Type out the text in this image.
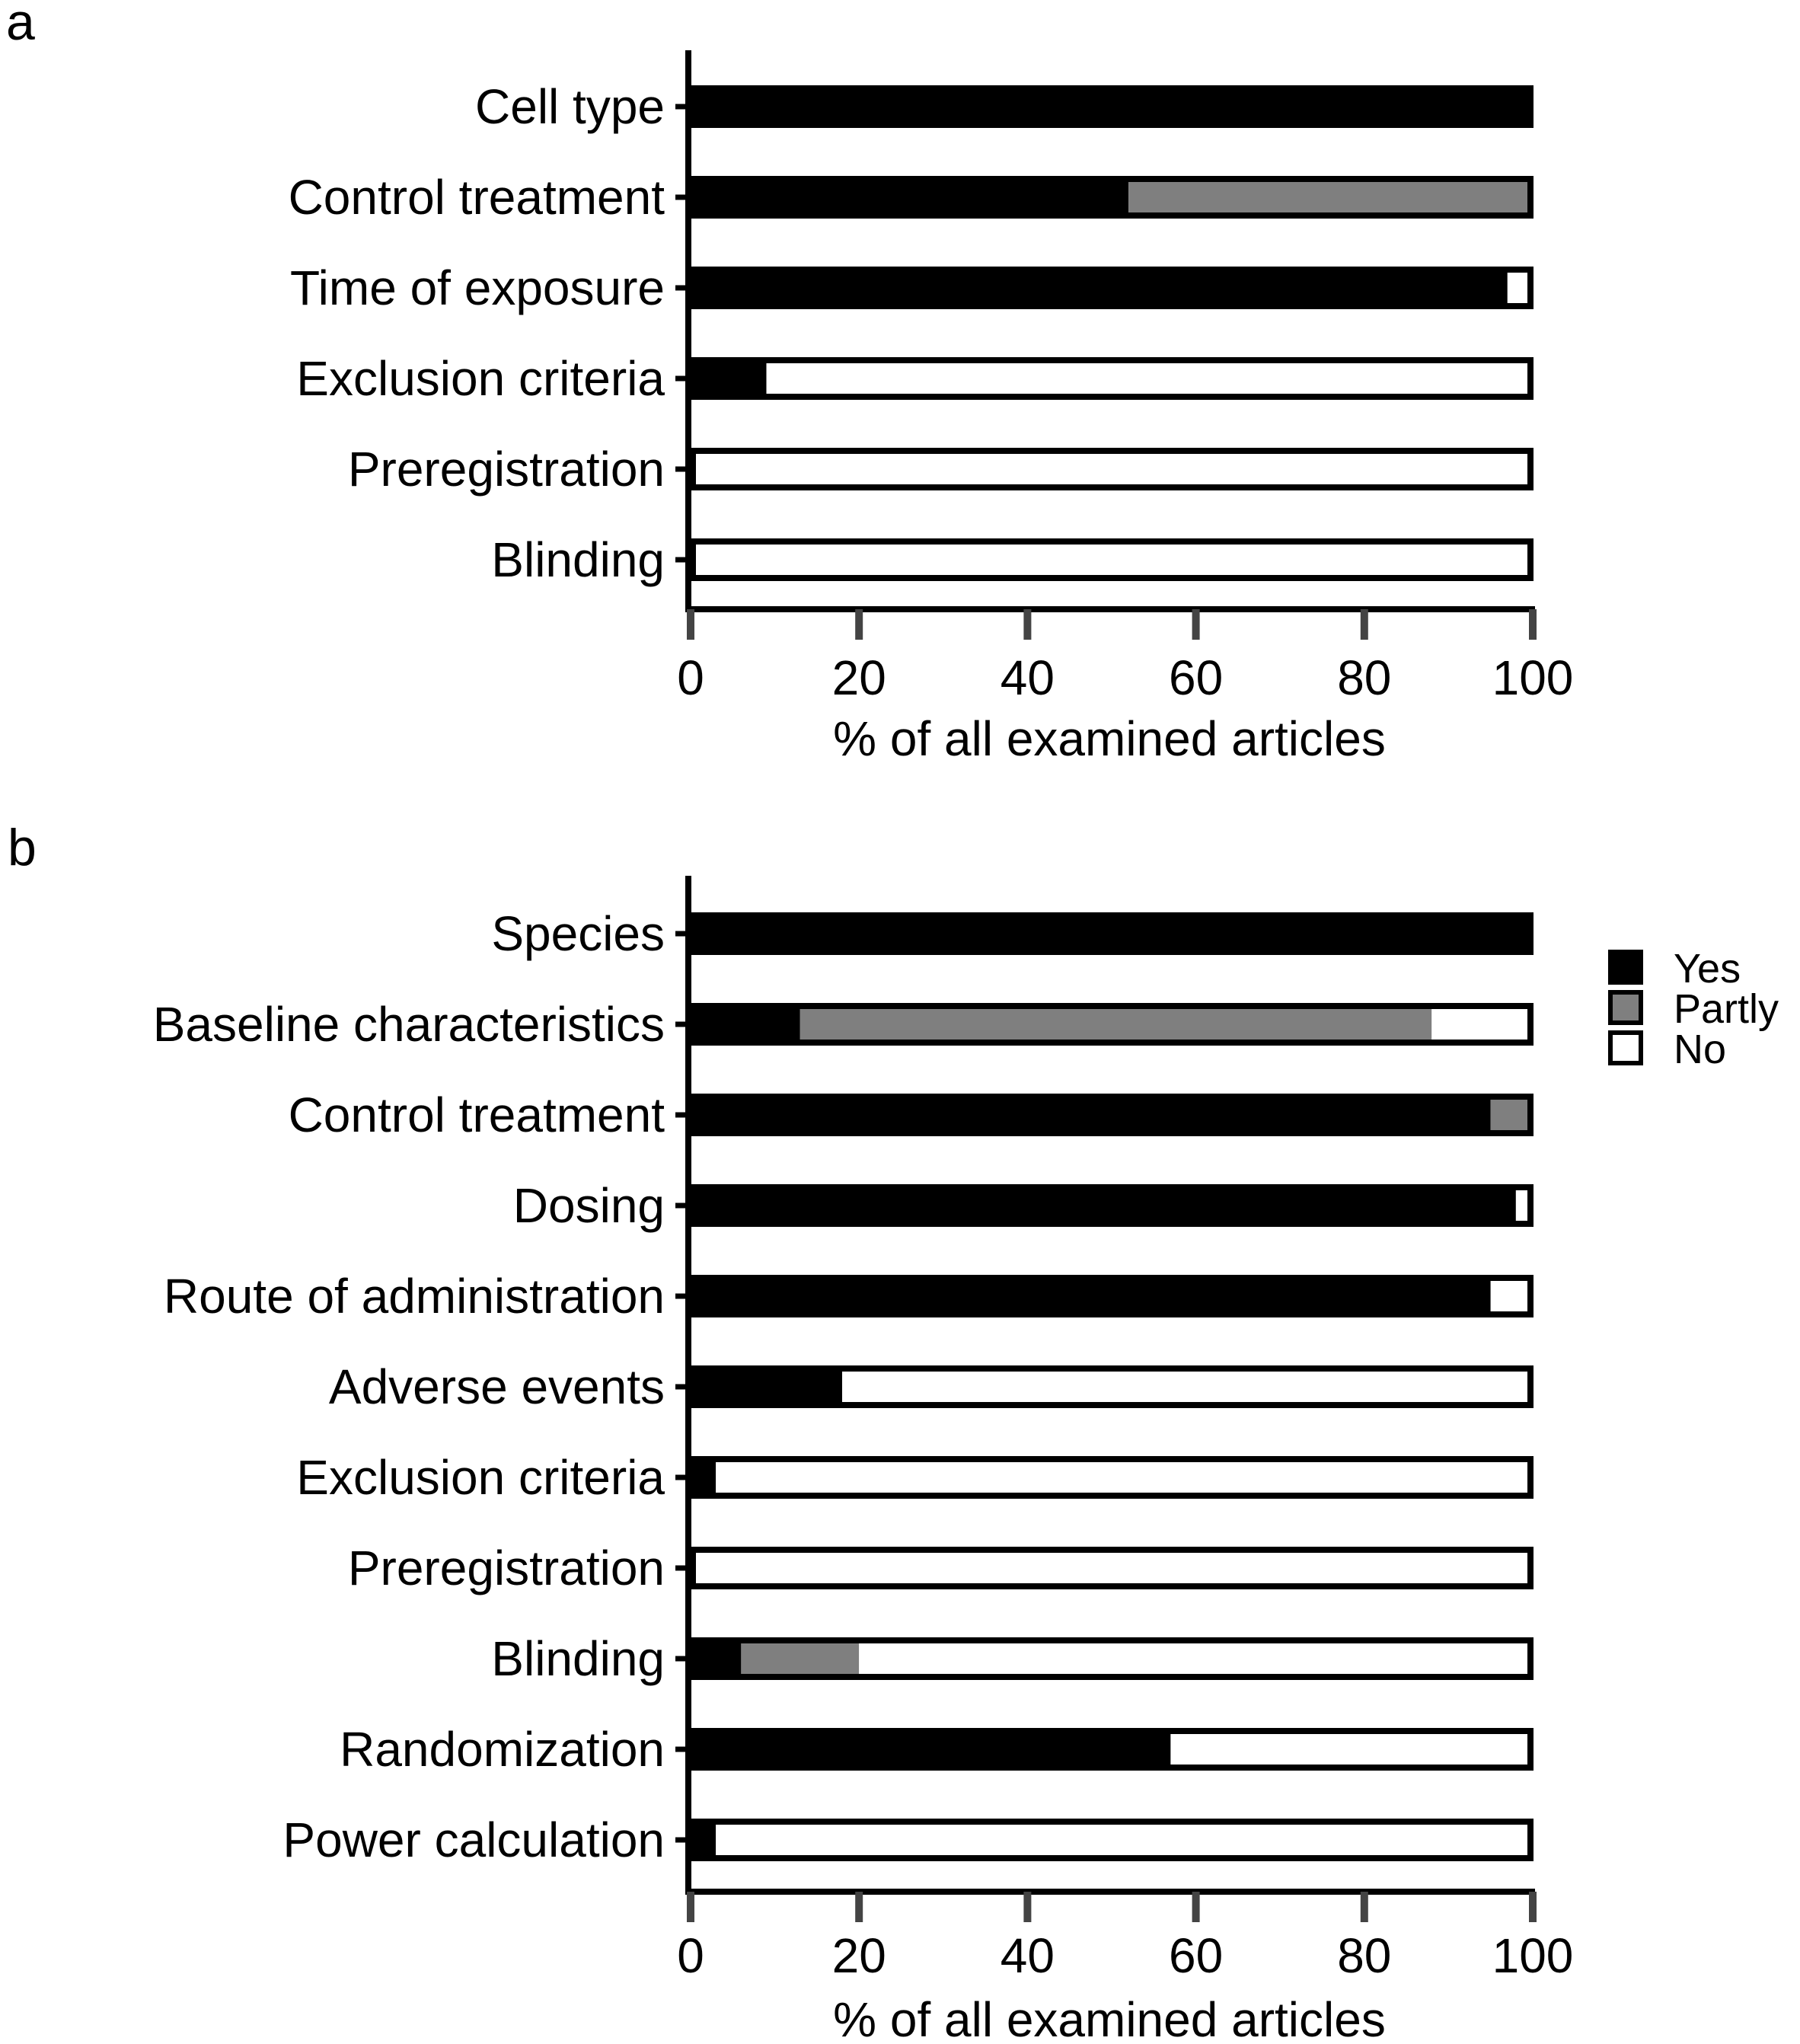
a
Cell type
Control treatment
Time of exposure
Exclusion criteria
Preregistration
Blinding
0	20 40 60 80 100
% of all examined articles
b
Species
Baseline characteristics
Control treatment
Dosing
Route of administration
Adverse events
Exclusion criteria
Preregistration
Blinding
Randomization
Power calculation
0	20 40 60 80 100
% of all examined articles
Yes
Partly
No
